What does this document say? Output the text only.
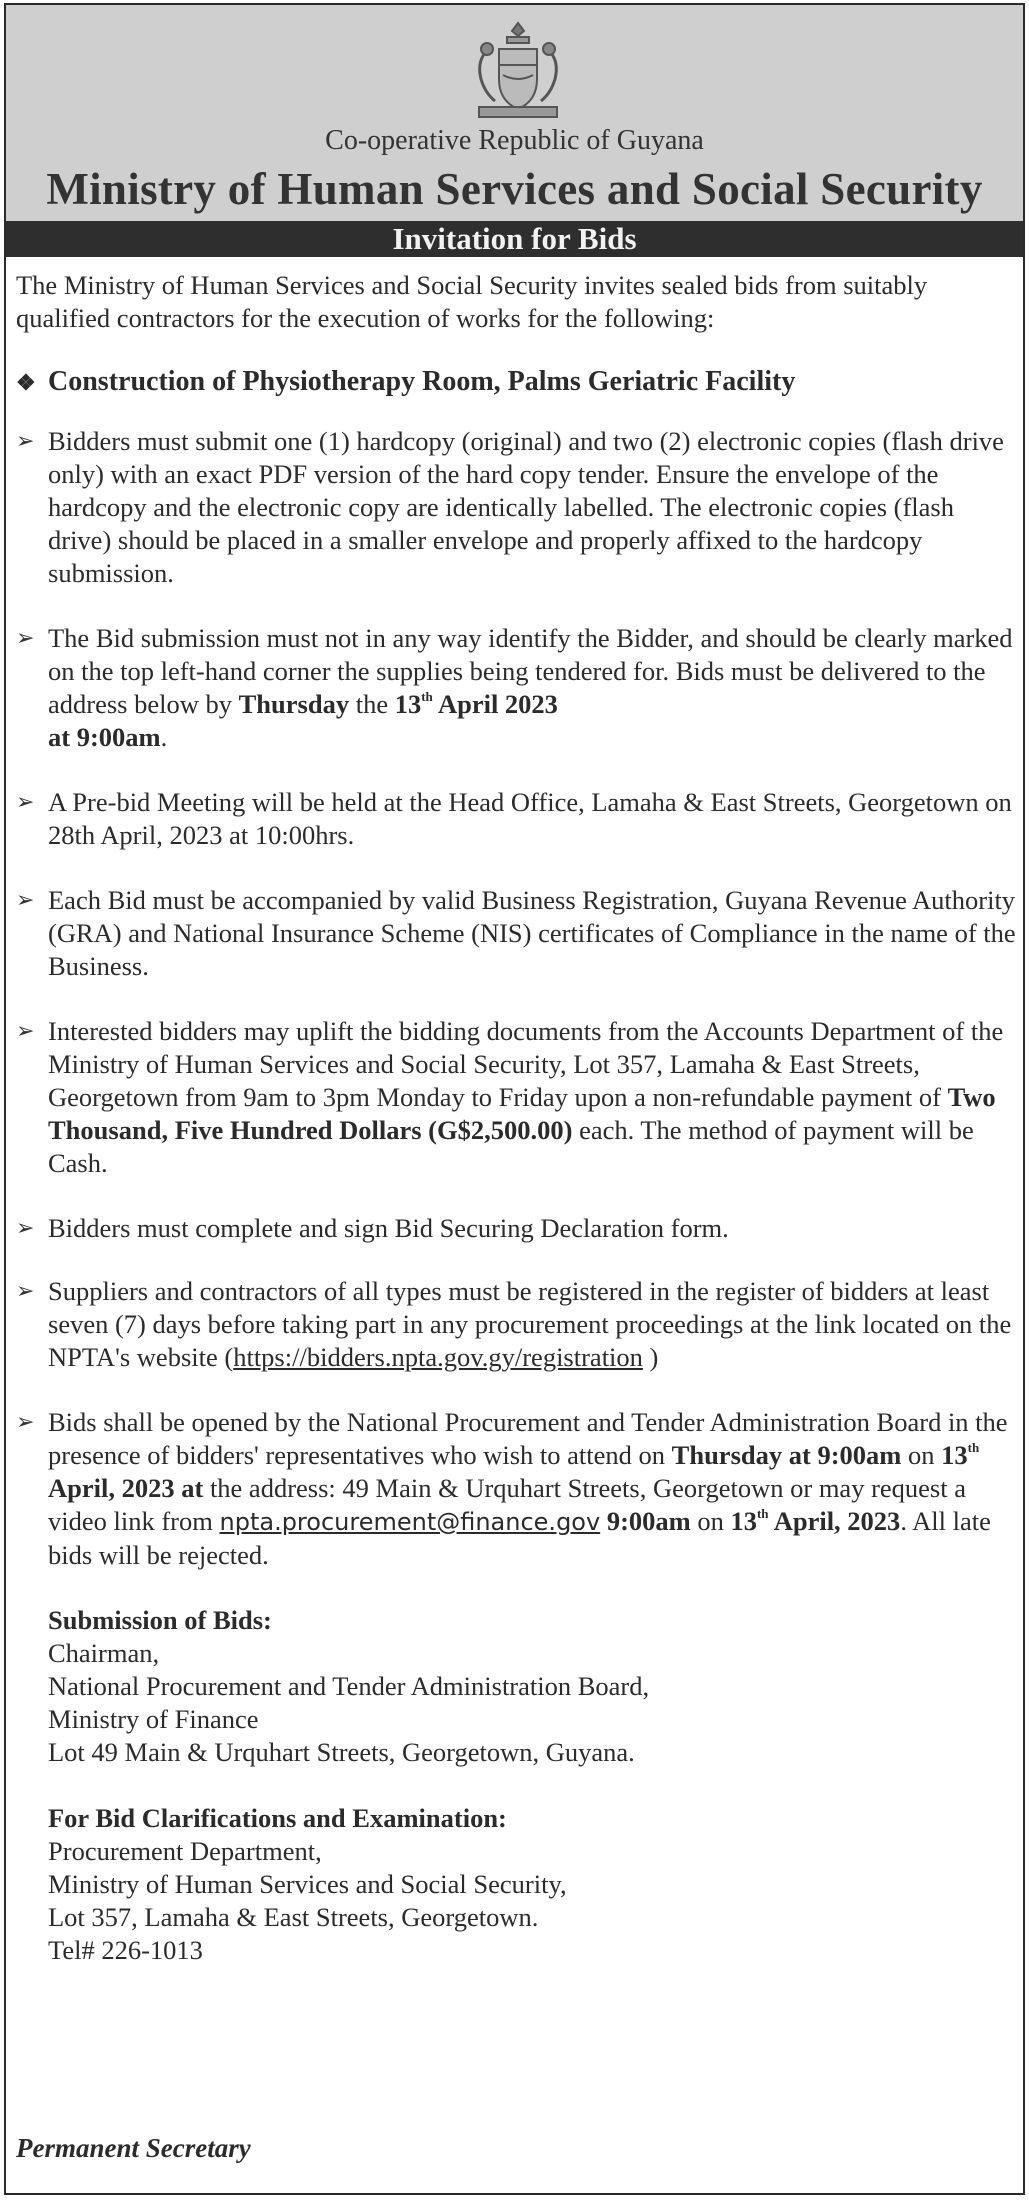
Co-operative Republic of Guyana
Ministry of Human Services and Social Security
Invitation for Bids

The Ministry of Human Services and Social Security invites sealed bids from suitably qualified contractors for the execution of works for the following:

❖ Construction of Physiotherapy Room, Palms Geriatric Facility
➢ Bidders must submit one (1) hardcopy (original) and two (2) electronic copies (flash drive only) with an exact PDF version of the hard copy tender. Ensure the envelope of the hardcopy and the electronic copy are identically labelled. The electronic copies (flash drive) should be placed in a smaller envelope and properly affixed to the hardcopy submission.
➢ The Bid submission must not in any way identify the Bidder, and should be clearly marked on the top left-hand corner the supplies being tendered for. Bids must be delivered to the address below by Thursday the 13th April 2023
at 9:00am.
➢ A Pre-bid Meeting will be held at the Head Office, Lamaha & East Streets, Georgetown on 28th April, 2023 at 10:00hrs.
➢ Each Bid must be accompanied by valid Business Registration, Guyana Revenue Authority (GRA) and National Insurance Scheme (NIS) certificates of Compliance in the name of the Business.
➢ Interested bidders may uplift the bidding documents from the Accounts Department of the Ministry of Human Services and Social Security, Lot 357, Lamaha & East Streets, Georgetown from 9am to 3pm Monday to Friday upon a non-refundable payment of Two Thousand, Five Hundred Dollars (G$2,500.00) each. The method of payment will be Cash.
➢ Bidders must complete and sign Bid Securing Declaration form.
➢ Suppliers and contractors of all types must be registered in the register of bidders at least seven (7) days before taking part in any procurement proceedings at the link located on the NPTA's website (https://bidders.npta.gov.gy/registration )
➢ Bids shall be opened by the National Procurement and Tender Administration Board in the presence of bidders' representatives who wish to attend on Thursday at 9:00am on 13th April, 2023 at the address: 49 Main & Urquhart Streets, Georgetown or may request a video link from npta.procurement@finance.gov 9:00am on 13th April, 2023. All late bids will be rejected.
Submission of Bids:
Chairman,
National Procurement and Tender Administration Board,
Ministry of Finance
Lot 49 Main & Urquhart Streets, Georgetown, Guyana.
For Bid Clarifications and Examination:
Procurement Department,
Ministry of Human Services and Social Security,
Lot 357, Lamaha & East Streets, Georgetown.
Tel# 226-1013
Permanent Secretary
